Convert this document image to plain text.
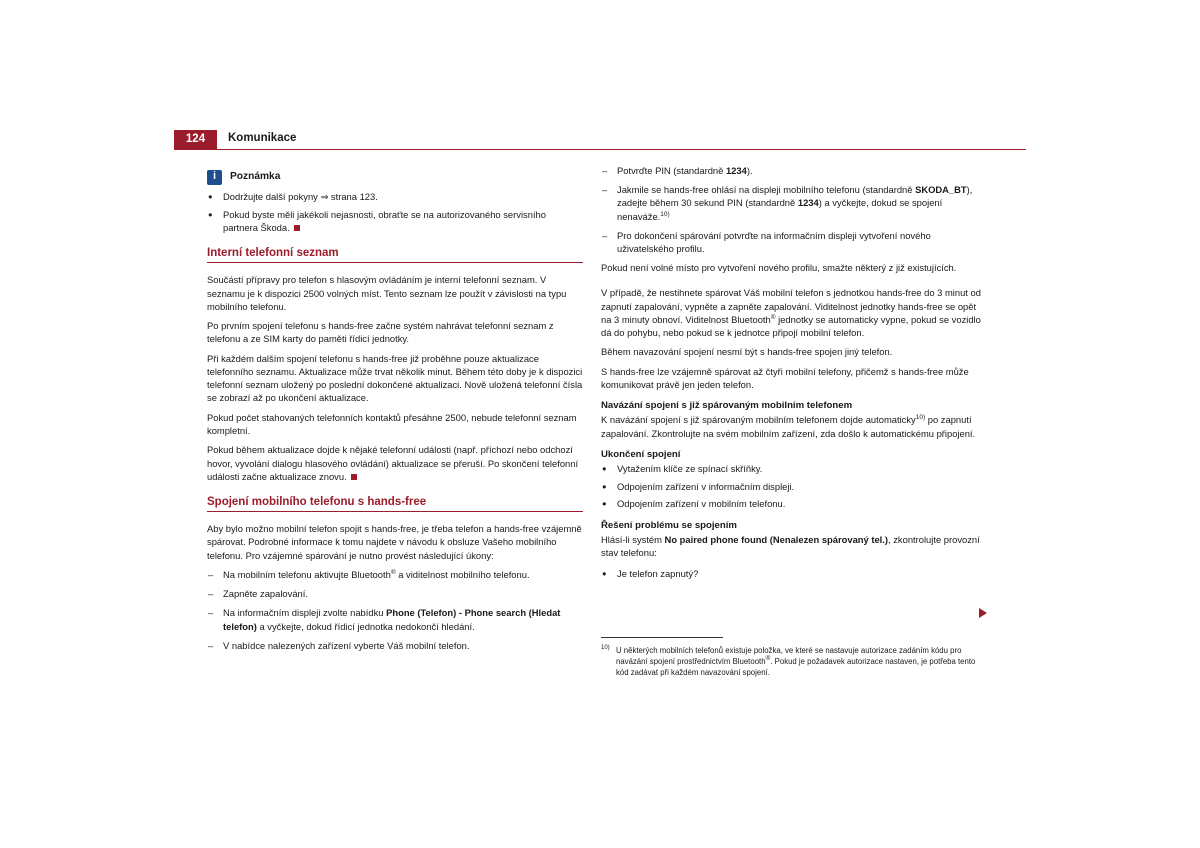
124	Komunikace
i	Poznámka

● Dodržujte další pokyny ⇒ strana 123.

● Pokud byste měli jakékoli nejasnosti, obraťte se na autorizovaného servisního partnera Škoda.

Interní telefonní seznam

Součástí přípravy pro telefon s hlasovým ovládáním je interní telefonní seznam. V seznamu je k dispozici 2500 volných míst. Tento seznam lze použít v závislosti na typu mobilního telefonu.

Po prvním spojení telefonu s hands-free začne systém nahrávat telefonní seznam z telefonu a ze SIM karty do paměti řídicí jednotky.

Při každém dalším spojení telefonu s hands-free již proběhne pouze aktualizace telefonního seznamu. Aktualizace může trvat několik minut. Během této doby je k dispozici telefonní seznam uložený po poslední dokončené aktualizaci. Nově uložená telefonní čísla se zobrazí až po ukončení aktualizace.

Pokud počet stahovaných telefonních kontaktů přesáhne 2500, nebude telefonní seznam kompletní.

Pokud během aktualizace dojde k nějaké telefonní události (např. příchozí nebo odchozí hovor, vyvolání dialogu hlasového ovládání) aktualizace se přeruší. Po skončení telefonní události začne aktualizace znovu.

Spojení mobilního telefonu s hands-free

Aby bylo možno mobilní telefon spojit s hands-free, je třeba telefon a hands-free vzájemně spárovat. Podrobné informace k tomu najdete v návodu k obsluze Vašeho mobilního telefonu. Pro vzájemné spárování je nutno provést následující úkony:

– Na mobilním telefonu aktivujte Bluetooth® a viditelnost mobilního telefonu.

– Zapněte zapalování.

– Na informačním displeji zvolte nabídku Phone (Telefon) - Phone search (Hledat telefon) a vyčkejte, dokud řídicí jednotka nedokončí hledání.

– V nabídce nalezených zařízení vyberte Váš mobilní telefon.

– Potvrďte PIN (standardně 1234).

– Jakmile se hands-free ohlásí na displeji mobilního telefonu (standardně SKODA_BT), zadejte během 30 sekund PIN (standardně 1234) a vyčkejte, dokud se spojení nenaváže.$^{10)}$

– Pro dokončení spárování potvrďte na informačním displeji vytvoření nového uživatelského profilu.

Pokud není volné místo pro vytvoření nového profilu, smažte některý z již existujících.

V případě, že nestihnete spárovat Váš mobilní telefon s jednotkou hands-free do 3 minut od zapnutí zapalování, vypněte a zapněte zapalování. Viditelnost jednotky hands-free se opět na 3 minuty obnoví. Viditelnost Bluetooth® jednotky se automaticky vypne, pokud se vozidlo dá do pohybu, nebo pokud se k jednotce připojí mobilní telefon.

Během navazování spojení nesmí být s hands-free spojen jiný telefon.

S hands-free lze vzájemně spárovat až čtyři mobilní telefony, přičemž s hands-free může komunikovat právě jen jeden telefon.

Navázání spojení s již spárovaným mobilním telefonem

K navázání spojení s již spárovaným mobilním telefonem dojde automaticky$^{10)}$ po zapnutí zapalování. Zkontrolujte na svém mobilním zařízení, zda došlo k automatickému připojení.

Ukončení spojení

● Vytažením klíče ze spínací skříňky.

● Odpojením zařízení v informačním displeji.

● Odpojením zařízení v mobilním telefonu.

Řešení problému se spojením

Hlásí-li systém No paired phone found (Nenalezen spárovaný tel.), zkontrolujte provozní stav telefonu:

● Je telefon zapnutý?

10) U některých mobilních telefonů existuje položka, ve které se nastavuje autorizace zadáním kódu pro navázání spojení prostřednictvím Bluetooth®. Pokud je požadavek autorizace nastaven, je potřeba tento kód zadávat při každém navazování spojení.
